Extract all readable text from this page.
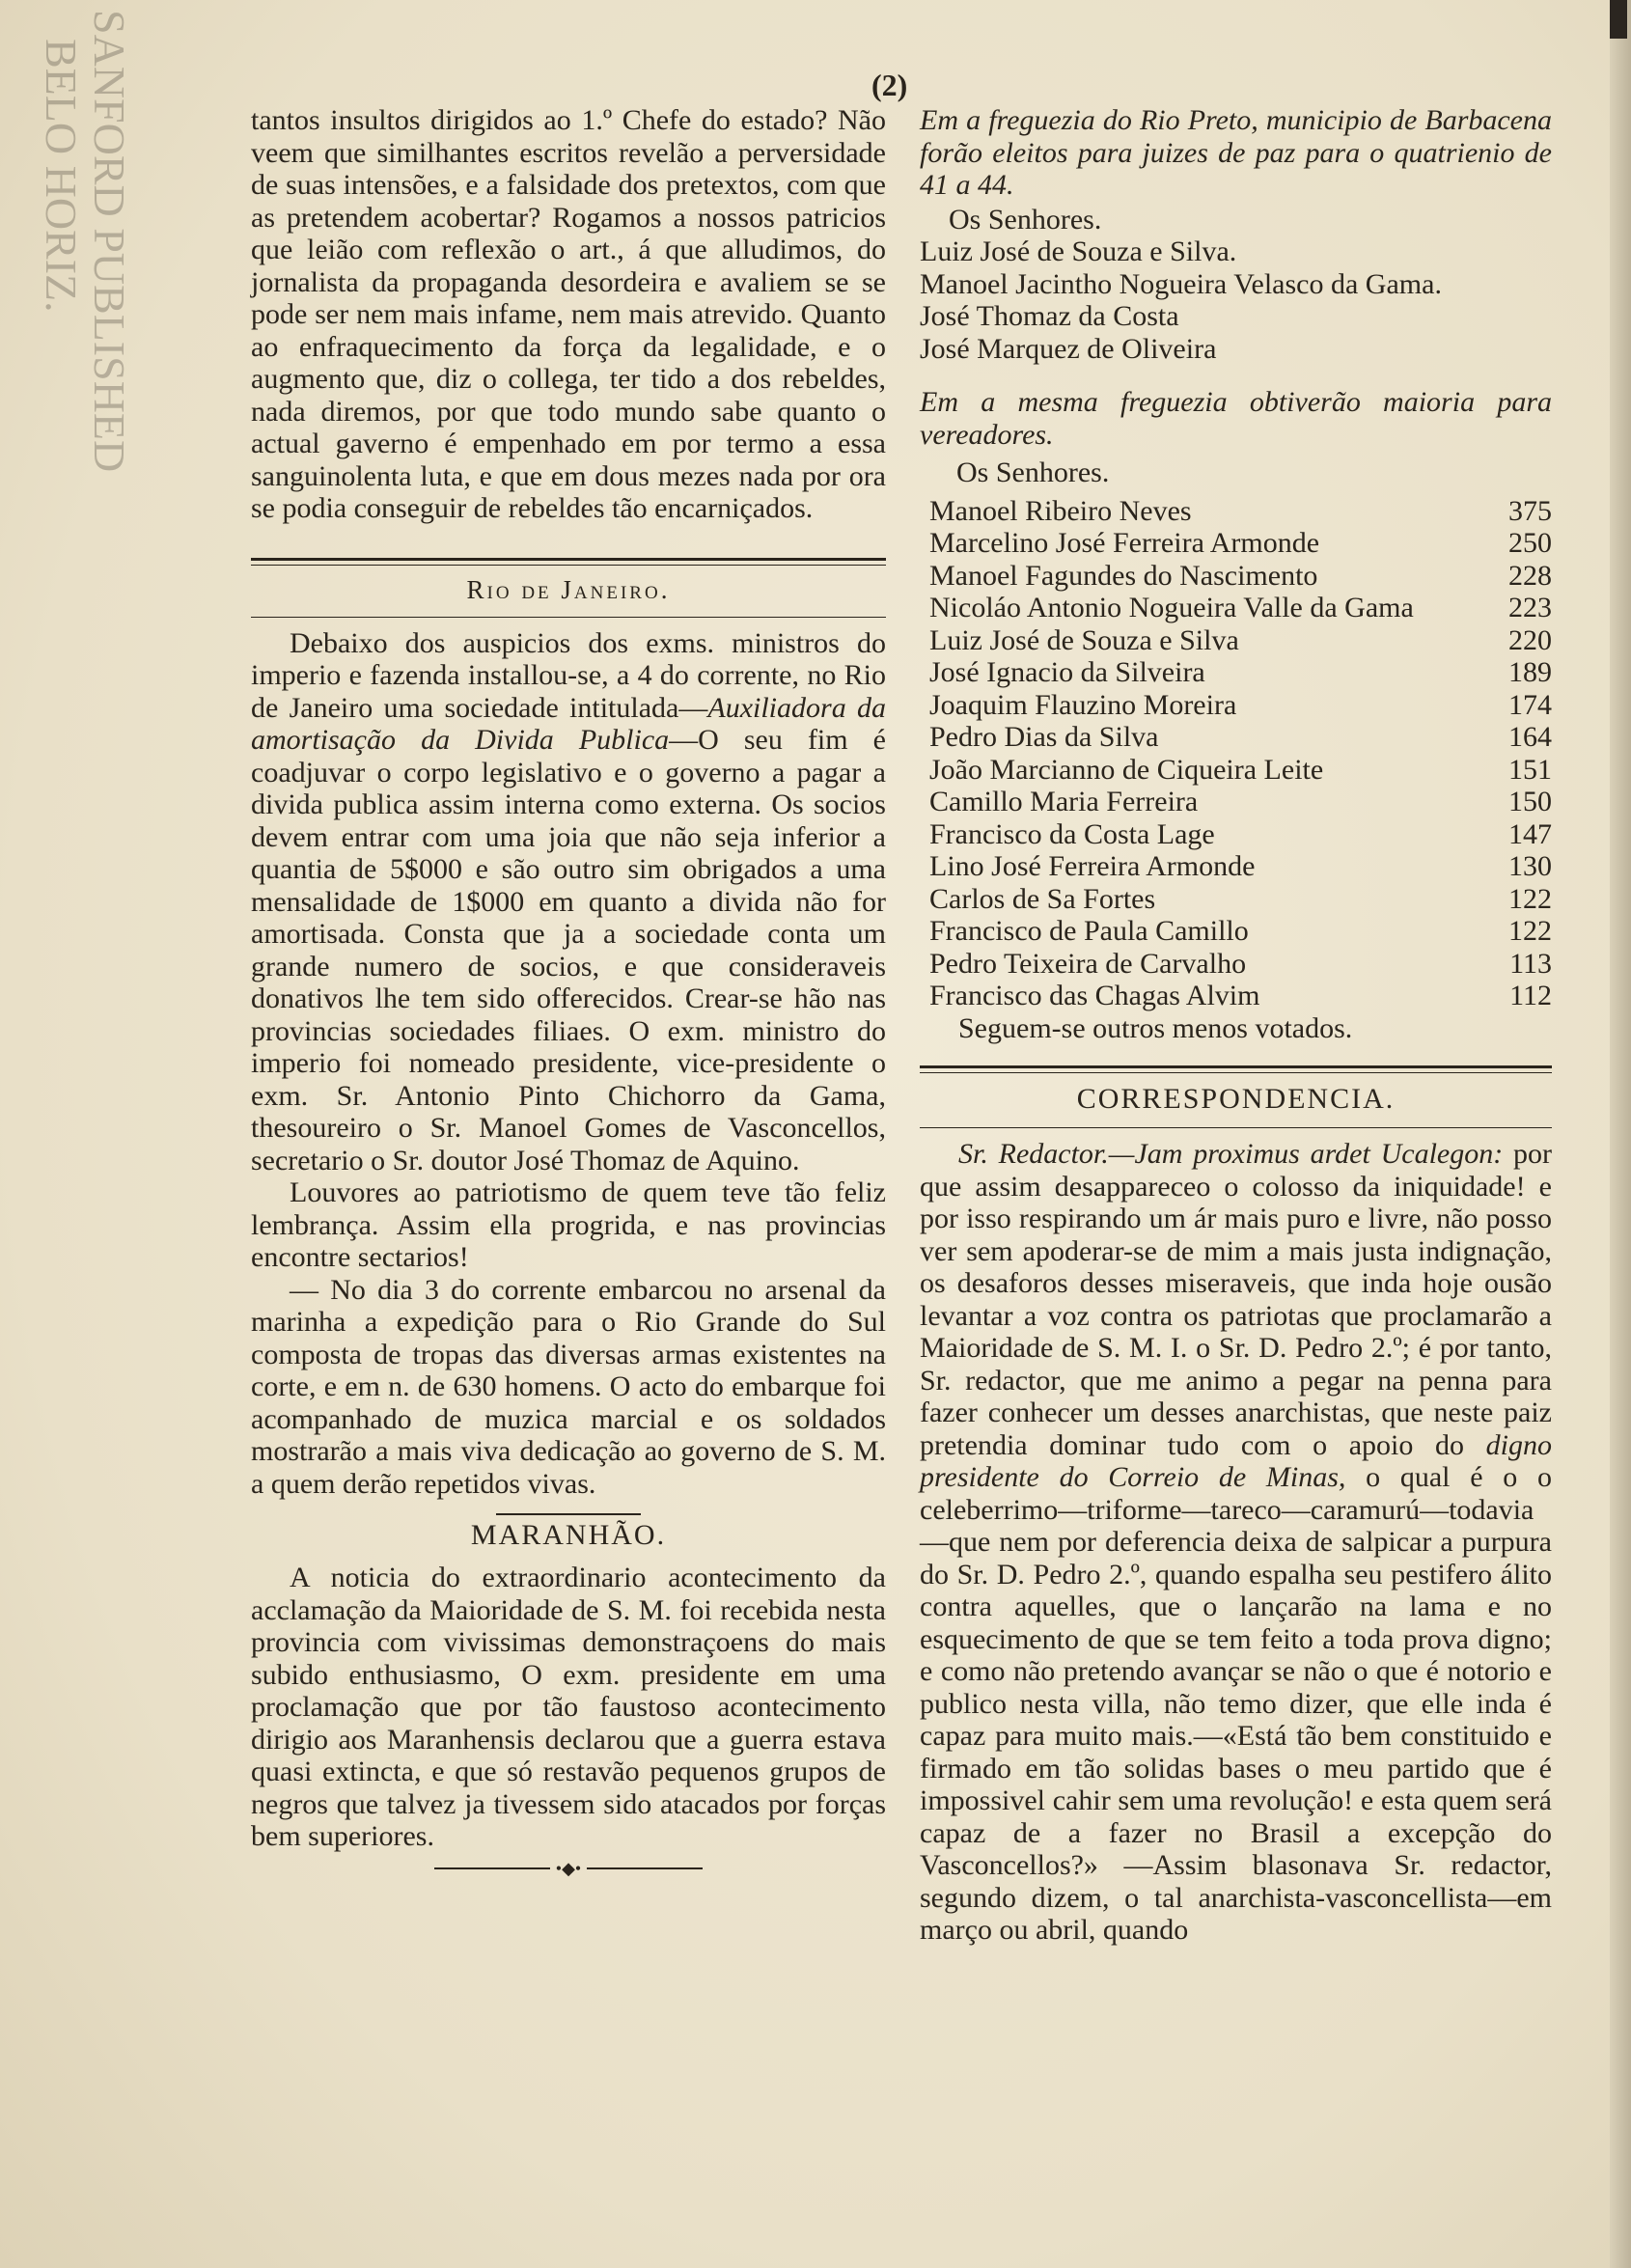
SANFORD PUBLISHED
BELO HORIZ.	(2)

tantos insultos dirigidos ao 1.º Chefe do estado? Não veem que similhantes escritos revelão a perversidade de suas intensões, e a falsidade dos pretextos, com que as pretendem acobertar? Rogamos a nossos patricios que leião com reflexão o art., á que alludimos, do jornalista da propaganda desordeira e avaliem se se pode ser nem mais infame, nem mais atrevido. Quanto ao enfraquecimento da força da legalidade, e o augmento que, diz o collega, ter tido a dos rebeldes, nada diremos, por que todo mundo sabe quanto o actual gaverno é empenhado em por termo a essa sanguinolenta luta, e que em dous mezes nada por ora se podia conseguir de rebeldes tão encarniçados.

Rio de Janeiro.

Debaixo dos auspicios dos exms. ministros do imperio e fazenda installou-se, a 4 do corrente, no Rio de Janeiro uma sociedade intitulada—Auxiliadora da amortisação da Divida Publica—O seu fim é coadjuvar o corpo legislativo e o governo a pagar a divida publica assim interna como externa. Os socios devem entrar com uma joia que não seja inferior a quantia de 5$000 e são outro sim obrigados a uma mensalidade de 1$000 em quanto a divida não for amortisada. Consta que ja a sociedade conta um grande numero de socios, e que consideraveis donativos lhe tem sido offerecidos. Crear-se hão nas provincias sociedades filiaes. O exm. ministro do imperio foi nomeado presidente, vice-presidente o exm. Sr. Antonio Pinto Chichorro da Gama, thesoureiro o Sr. Manoel Gomes de Vasconcellos, secretario o Sr. doutor José Thomaz de Aquino.

Louvores ao patriotismo de quem teve tão feliz lembrança. Assim ella progrida, e nas provincias encontre sectarios!

— No dia 3 do corrente embarcou no arsenal da marinha a expedição para o Rio Grande do Sul composta de tropas das diversas armas existentes na corte, e em n. de 630 homens. O acto do embarque foi acompanhado de muzica marcial e os soldados mostrarão a mais viva dedicação ao governo de S. M. a quem derão repetidos vivas.

MARANHÃO.

A noticia do extraordinario acontecimento da acclamação da Maioridade de S. M. foi recebida nesta provincia com vivissimas demonstraçoens do mais subido enthusiasmo, O exm. presidente em uma proclamação que por tão faustoso acontecimento dirigio aos Maranhensis declarou que a guerra estava quasi extincta, e que só restavão pequenos grupos de negros que talvez ja tivessem sido atacados por forças bem superiores.

•◆•

Em a freguezia do Rio Preto, municipio de Barbacena forão eleitos para juizes de paz para o quatrienio de 41 a 44.

Os Senhores.

Luiz José de Souza e Silva.
Manoel Jacintho Nogueira Velasco da Gama.
José Thomaz da Costa
José Marquez de Oliveira

Em a mesma freguezia obtiverão maioria para vereadores.

Os Senhores.

Manoel Ribeiro Neves	375
Marcelino José Ferreira Armonde	250
Manoel Fagundes do Nascimento	228
Nicoláo Antonio Nogueira Valle da Gama	223
Luiz José de Souza e Silva	220
José Ignacio da Silveira	189
Joaquim Flauzino Moreira	174
Pedro Dias da Silva	164
João Marcianno de Ciqueira Leite	151
Camillo Maria Ferreira	150
Francisco da Costa Lage	147
Lino José Ferreira Armonde	130
Carlos de Sa Fortes	122
Francisco de Paula Camillo	122
Pedro Teixeira de Carvalho	113
Francisco das Chagas Alvim	112

Seguem-se outros menos votados.

CORRESPONDENCIA.

Sr. Redactor.—Jam proximus ardet Ucalegon: por que assim desappareceo o colosso da iniquidade! e por isso respirando um ár mais puro e livre, não posso ver sem apoderar-se de mim a mais justa indignação, os desaforos desses miseraveis, que inda hoje ousão levantar a voz contra os patriotas que proclamarão a Maioridade de S. M. I. o Sr. D. Pedro 2.º; é por tanto, Sr. redactor, que me animo a pegar na penna para fazer conhecer um desses anarchistas, que neste paiz pretendia dominar tudo com o apoio do digno presidente do Correio de Minas, o qual é o o celeberrimo—triforme—tareco—caramurú—todavia—que nem por deferencia deixa de salpicar a purpura do Sr. D. Pedro 2.º, quando espalha seu pestifero álito contra aquelles, que o lançarão na lama e no esquecimento de que se tem feito a toda prova digno; e como não pretendo avançar se não o que é notorio e publico nesta villa, não temo dizer, que elle inda é capaz para muito mais.—«Está tão bem constituido e firmado em tão solidas bases o meu partido que é impossivel cahir sem uma revolução! e esta quem será capaz de a fazer no Brasil a excepção do Vasconcellos?» —Assim blasonava Sr. redactor, segundo dizem, o tal anarchista-vasconcellista—em março ou abril, quando
